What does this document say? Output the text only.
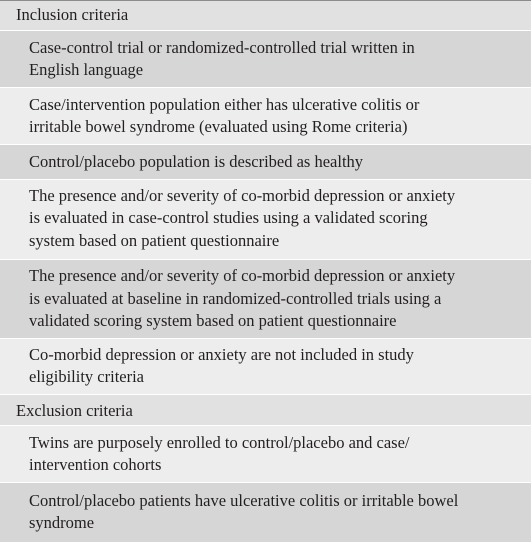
Inclusion criteria
Case-control trial or randomized-controlled trial written in
English language
Case/intervention population either has ulcerative colitis or
irritable bowel syndrome (evaluated using Rome criteria)
Control/placebo population is described as healthy
The presence and/or severity of co-morbid depression or anxiety
is evaluated in case-control studies using a validated scoring
system based on patient questionnaire
The presence and/or severity of co-morbid depression or anxiety
is evaluated at baseline in randomized-controlled trials using a
validated scoring system based on patient questionnaire
Co-morbid depression or anxiety are not included in study
eligibility criteria
Exclusion criteria
Twins are purposely enrolled to control/placebo and case/
intervention cohorts
Control/placebo patients have ulcerative colitis or irritable bowel
syndrome
